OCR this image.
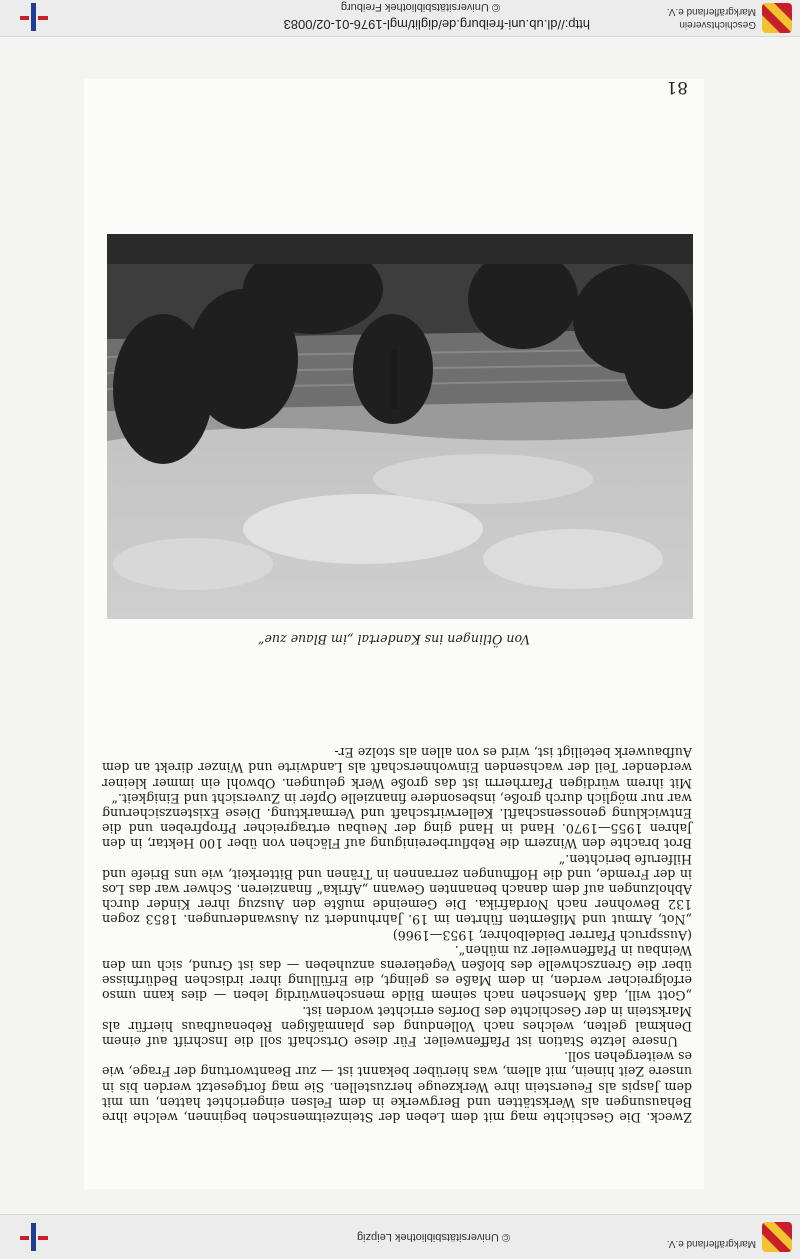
Markgräflerland e.V.
© Universitätsbibliothek Leipzig
Von Ötlingen ins Kandertal „im Blaue zue“

Zweck. Die Geschichte mag mit dem Leben der Steinzeitmenschen beginnen, welche ihre Behausungen als Werkstätten und Bergwerke in dem Felsen eingerichtet hatten, um mit dem Jaspis als Feuerstein ihre Werkzeuge herzustellen. Sie mag fortgesetzt werden bis in unsere Zeit hinein, mit allem, was hierüber bekannt ist — zur Beantwortung der Frage, wie es weitergehen soll.

Unsere letzte Station ist Pfaffenweiler. Für diese Ortschaft soll die Inschrift auf einem Denkmal gelten, welches nach Vollendung des planmäßigen Rebenaufbaus hierfür als Markstein in der Geschichte des Dorfes errichtet worden ist.

„Gott will, daß Menschen nach seinem Bilde menschenwürdig leben — dies kann umso erfolgreicher werden, in dem Maße es gelingt, die Erfüllung ihrer irdischen Bedürfnisse über die Grenzschwelle des bloßen Vegetierens anzuheben — das ist Grund, sich um den Weinbau in Pfaffenweiler zu mühen“.

(Ausspruch Pfarrer Deidelbohrer, 1953—1966)

„Not, Armut und Mißernten führten im 19. Jahrhundert zu Auswanderungen. 1853 zogen 132 Bewohner nach Nordafrika. Die Gemeinde mußte den Auszug ihrer Kinder durch Abholzungen auf dem danach benannten Gewann „Afrika“ finanzieren. Schwer war das Los in der Fremde, und die Hoffnungen zerrannen in Tränen und Bitterkeit, wie uns Briefe und Hilferufe berichten.“

Brot brachte den Winzern die Rebflurbereinigung auf Flächen von über 100 Hektar, in den Jahren 1955—1970. Hand in Hand ging der Neubau ertragreicher Pfropfreben und die Entwicklung genossenschaftl. Kellerwirtschaft und Vermarktung. Diese Existenzsicherung war nur möglich durch große, insbesondere finanzielle Opfer in Zuversicht und Einigkeit.“

Mit ihrem würdigen Pfarrherrn ist das große Werk gelungen. Obwohl ein immer kleiner werdender Teil der wachsenden Einwohnerschaft als Landwirte und Winzer direkt an dem Aufbauwerk beteiligt ist, wird es von allen als stolze Er-

81
http://dl.ub.uni-freiburg.de/diglit/mgl-1976-01-02/0083
© Universitätsbibliothek Freiburg
Geschichtsverein
Markgräflerland e.V.
